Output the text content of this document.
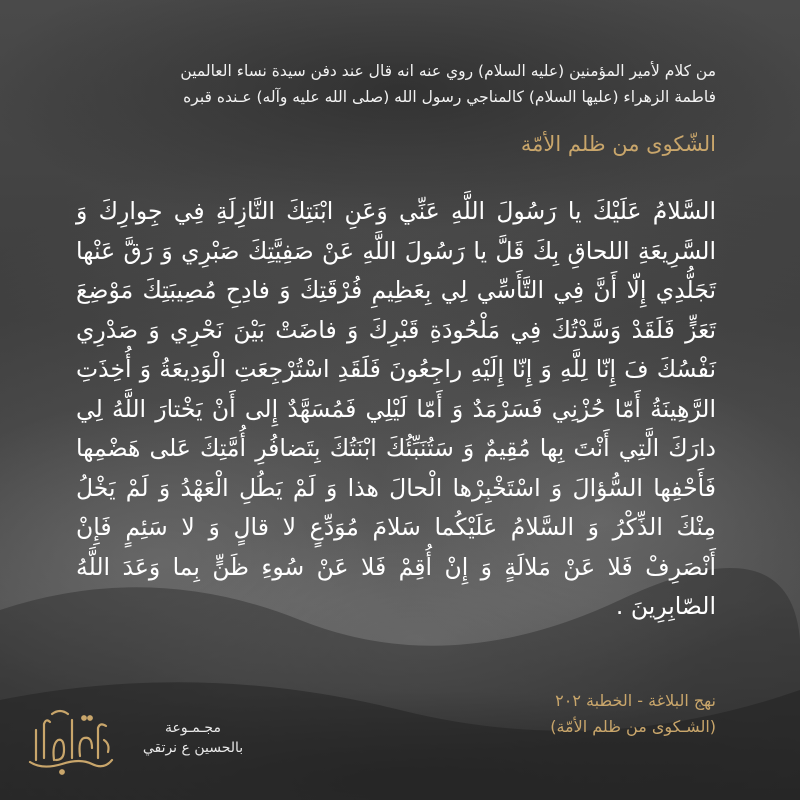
من كلام لأمير المؤمنين (عليه السلام) روي عنه انه قال عند دفن سيدة نساء العالمين

فاطمة الزهراء (عليها السلام) كالمناجي رسول الله (صلى الله عليه وآله) عـنده قبره

الشّكوى من ظلم الأمّة
السَّلامُ عَلَيْكَ يا رَسُولَ اللَّهِ عَنِّي وَعَنِ ابْنَتِكَ النَّازِلَةِ فِي جِوارِكَ وَ السَّرِيعَةِ اللحاقِ بِكَ قَلَّ يا رَسُولَ اللَّهِ عَنْ صَفِيَّتِكَ صَبْرِي وَ رَقَّ عَنْها تَجَلُّدِي إِلّا أَنَّ فِي التَّأَسِّي لِي بِعَظِيمِ فُرْقَتِكَ وَ فادِحِ مُصِيبَتِكَ مَوْضِعَ تَعَزٍّ فَلَقَدْ وَسَّدْتُكَ فِي مَلْحُودَةِ قَبْرِكَ وَ فاضَتْ بَيْنَ نَحْرِي وَ صَدْرِي نَفْسُكَ فَ إِنّا لِلَّهِ وَ إِنّا إِلَيْهِ راجِعُونَ فَلَقَدِ اسْتُرْجِعَتِ الْوَدِيعَةُ وَ أُخِذَتِ الرَّهِينَةُ أَمّا حُزْنِي فَسَرْمَدٌ وَ أَمّا لَيْلِي فَمُسَهَّدٌ إِلى أَنْ يَخْتارَ اللَّهُ لِي دارَكَ الَّتِي أَنْتَ بِها مُقِيمٌ وَ سَتُنَبِّئُكَ ابْنَتُكَ بِتَضافُرِ أُمَّتِكَ عَلى هَضْمِها فَأَحْفِها السُّؤالَ وَ اسْتَخْبِرْها الْحالَ هذا وَ لَمْ يَطُلِ الْعَهْدُ وَ لَمْ يَخْلُ مِنْكَ الذِّكْرُ وَ السَّلامُ عَلَيْكُما سَلامَ مُوَدِّعٍ لا قالٍ وَ لا سَئِمٍ فَإِنْ أَنْصَرِفْ فَلا عَنْ مَلالَةٍ وَ إِنْ أُقِمْ فَلا عَنْ سُوءِ ظَنٍّ بِما وَعَدَ اللَّهُ الصّابِرِينَ .

نهج البلاغة - الخطبة ٢٠٢

(الشـكوى من ظلم الأمّة)

مجـمـوعة

بالحسين ع نرتقي
